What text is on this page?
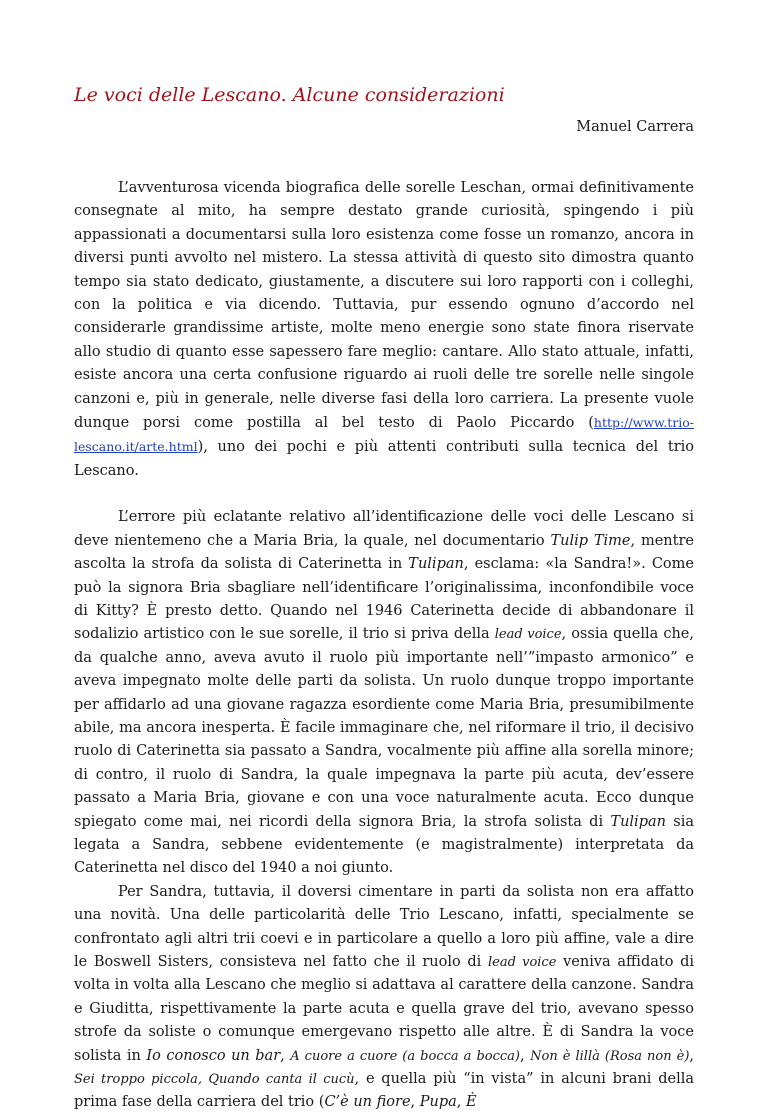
Le voci delle Lescano. Alcune considerazioni
Manuel Carrera

L’avventurosa vicenda biografica delle sorelle Leschan, ormai definitivamente consegnate al mito, ha sempre destato grande curiosità, spingendo i più appassionati a documentarsi sulla loro esistenza come fosse un romanzo, ancora in diversi punti avvolto nel mistero. La stessa attività di questo sito dimostra quanto tempo sia stato dedicato, giustamente, a discutere sui loro rapporti con i colleghi, con la politica e via dicendo. Tuttavia, pur essendo ognuno d’accordo nel considerarle grandissime artiste, molte meno energie sono state finora riservate allo studio di quanto esse sapessero fare meglio: cantare. Allo stato attuale, infatti, esiste ancora una certa confusione riguardo ai ruoli delle tre sorelle nelle singole canzoni e, più in generale, nelle diverse fasi della loro carriera. La presente vuole dunque porsi come postilla al bel testo di Paolo Piccardo (http://www.trio-lescano.it/arte.html), uno dei pochi e più attenti contributi sulla tecnica del trio Lescano.

L’errore più eclatante relativo all’identificazione delle voci delle Lescano si deve nientemeno che a Maria Bria, la quale, nel documentario Tulip Time, mentre ascolta la strofa da solista di Caterinetta in Tulipan, esclama: «la Sandra!». Come può la signora Bria sbagliare nell’identificare l’originalissima, inconfondibile voce di Kitty? È presto detto. Quando nel 1946 Caterinetta decide di abbandonare il sodalizio artistico con le sue sorelle, il trio si priva della lead voice, ossia quella che, da qualche anno, aveva avuto il ruolo più importante nell’”impasto armonico” e aveva impegnato molte delle parti da solista. Un ruolo dunque troppo importante per affidarlo ad una giovane ragazza esordiente come Maria Bria, presumibilmente abile, ma ancora inesperta. È facile immaginare che, nel riformare il trio, il decisivo ruolo di Caterinetta sia passato a Sandra, vocalmente più affine alla sorella minore; di contro, il ruolo di Sandra, la quale impegnava la parte più acuta, dev’essere passato a Maria Bria, giovane e con una voce naturalmente acuta. Ecco dunque spiegato come mai, nei ricordi della signora Bria, la strofa solista di Tulipan sia legata a Sandra, sebbene evidentemente (e magistralmente) interpretata da Caterinetta nel disco del 1940 a noi giunto.

Per Sandra, tuttavia, il doversi cimentare in parti da solista non era affatto una novità. Una delle particolarità delle Trio Lescano, infatti, specialmente se confrontato agli altri trii coevi e in particolare a quello a loro più affine, vale a dire le Boswell Sisters, consisteva nel fatto che il ruolo di lead voice veniva affidato di volta in volta alla Lescano che meglio si adattava al carattere della canzone. Sandra e Giuditta, rispettivamente la parte acuta e quella grave del trio, avevano spesso strofe da soliste o comunque emergevano rispetto alle altre. È di Sandra la voce solista in Io conosco un bar, A cuore a cuore (a bocca a bocca), Non è lillà (Rosa non è), Sei troppo piccola, Quando canta il cucù, e quella più “in vista” in alcuni brani della prima fase della carriera del trio (C’è un fiore, Pupa, È
